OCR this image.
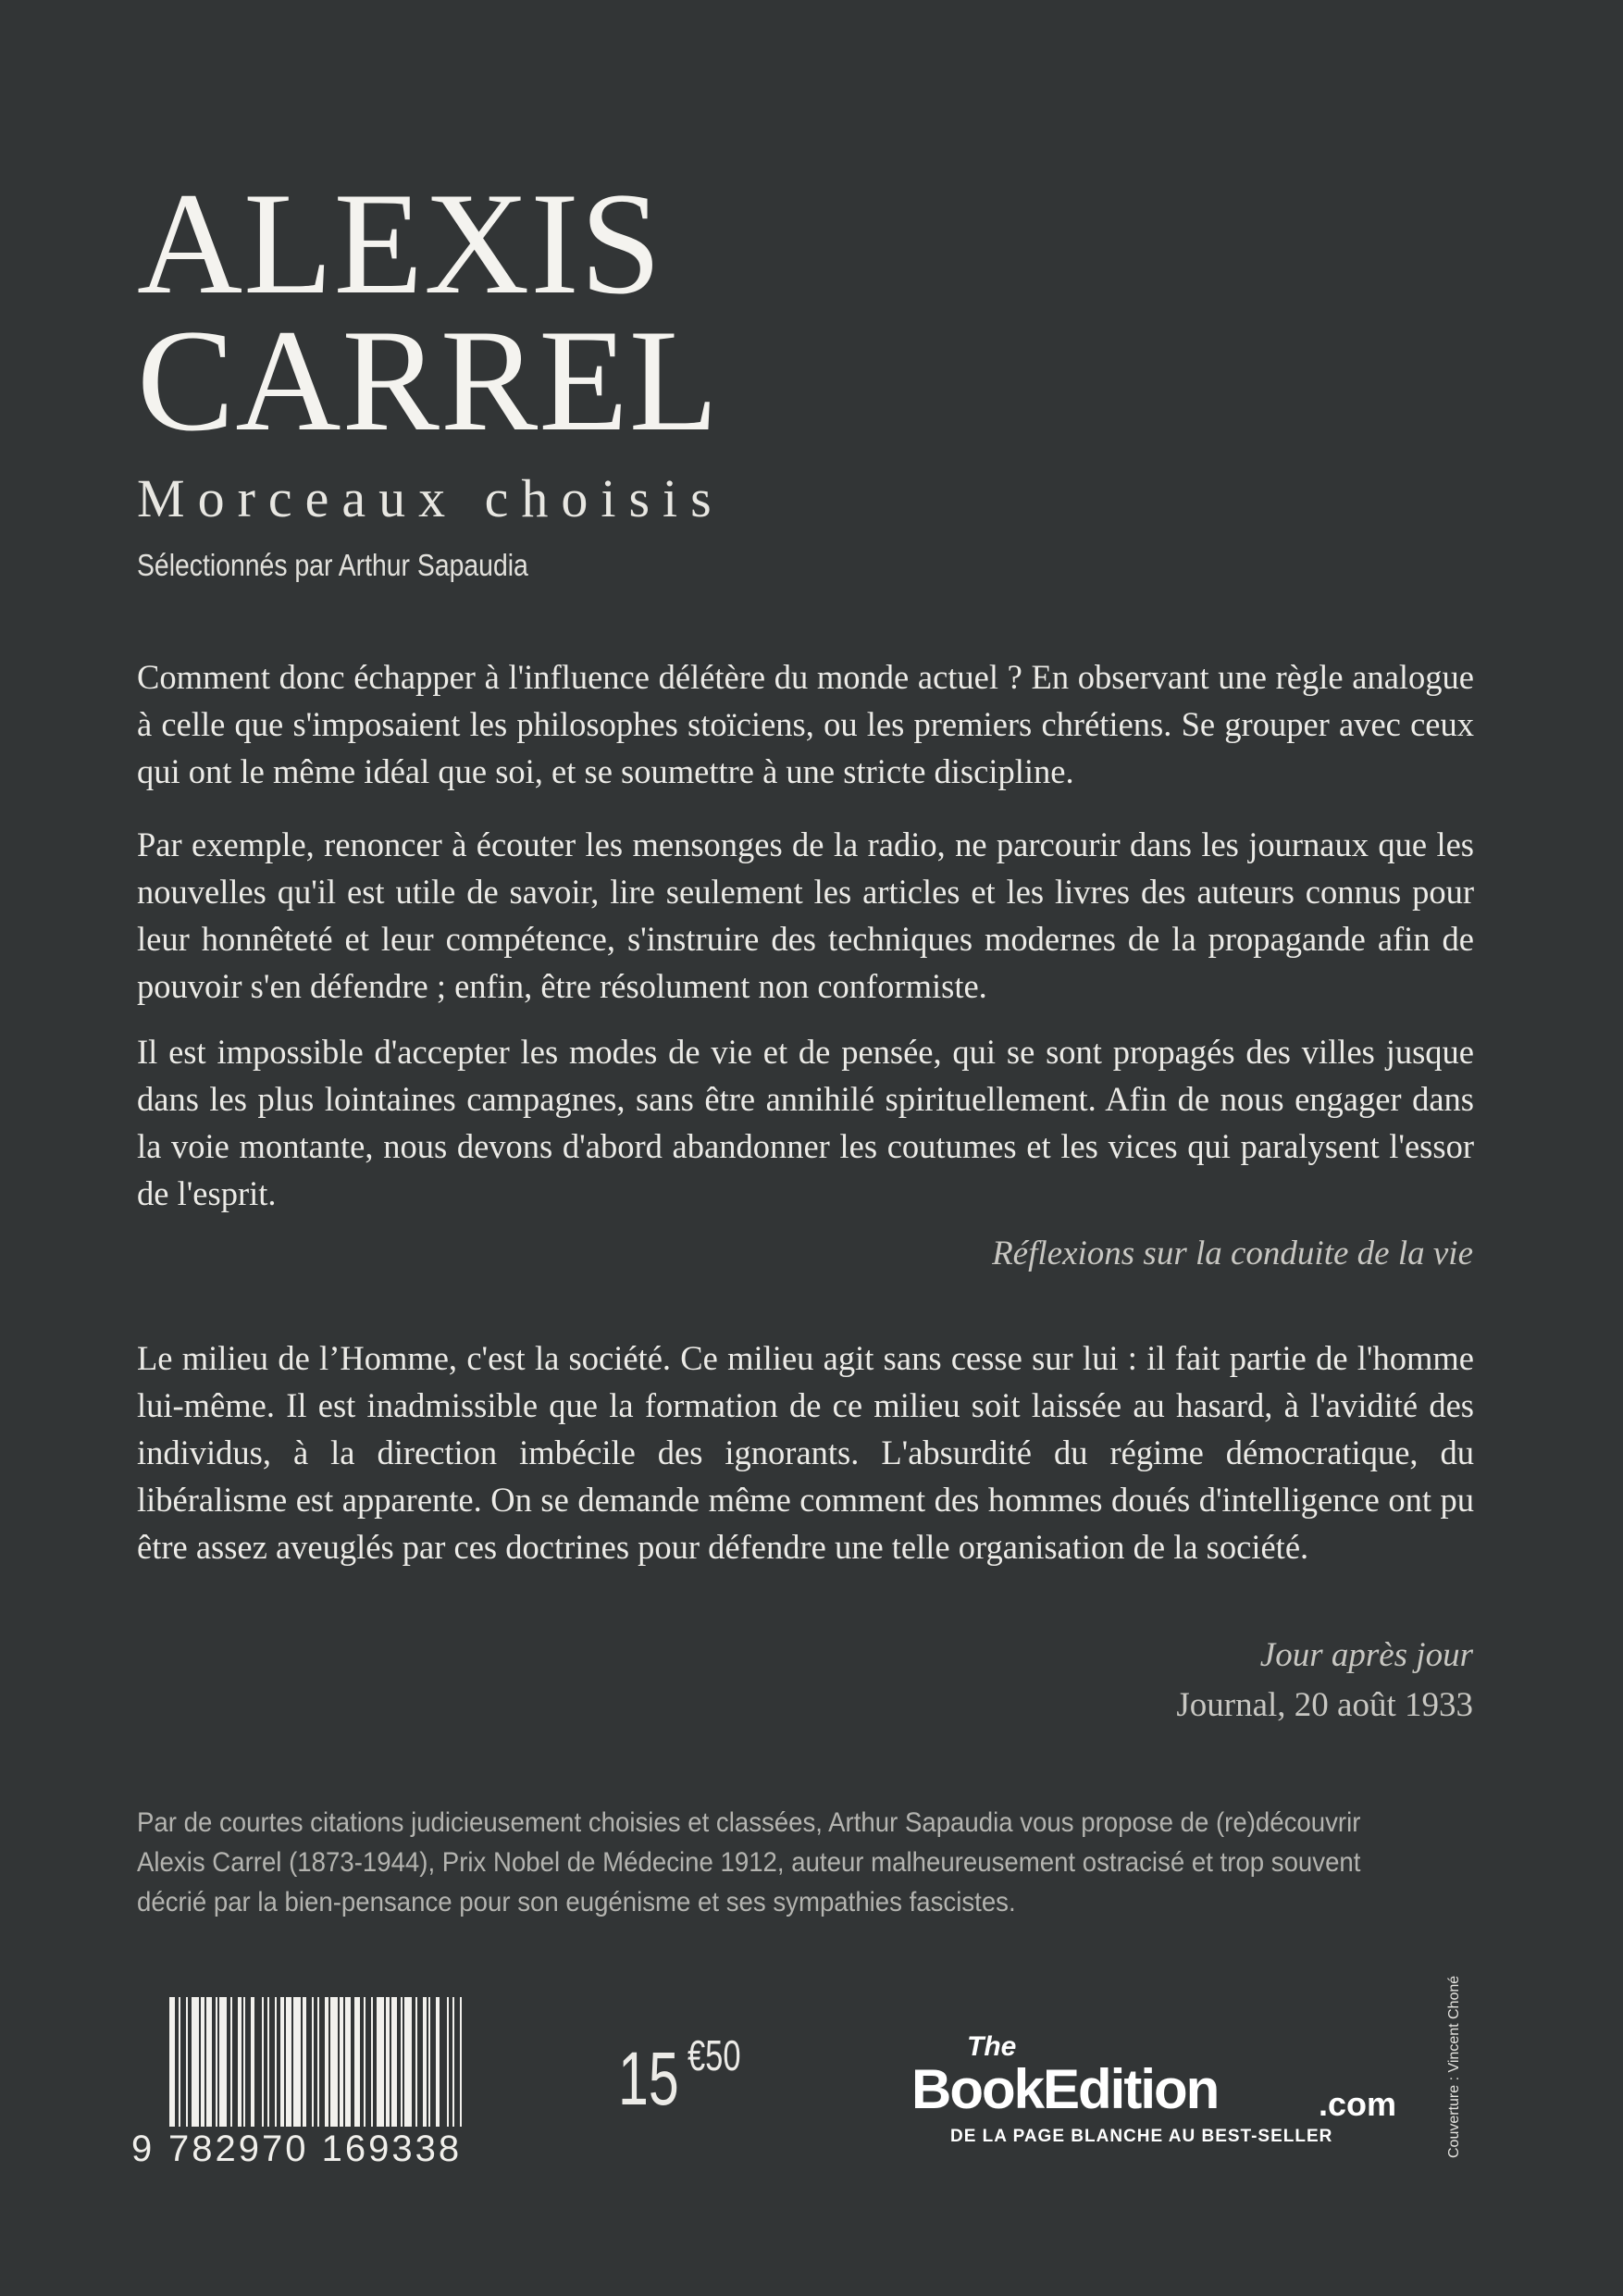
ALEXIS
CARREL
Morceaux choisis
Sélectionnés par Arthur Sapaudia

Comment donc échapper à l'influence délétère du monde actuel ? En observant une règle analogue à celle que s'imposaient les philosophes stoïciens, ou les premiers chrétiens. Se grouper avec ceux qui ont le même idéal que soi, et se soumettre à une stricte discipline.

Par exemple, renoncer à écouter les mensonges de la radio, ne parcourir dans les journaux que les nouvelles qu'il est utile de savoir, lire seulement les articles et les livres des auteurs connus pour leur honnêteté et leur compétence, s'instruire des techniques modernes de la propagande afin de pouvoir s'en défendre ; enfin, être résolument non conformiste.

Il est impossible d'accepter les modes de vie et de pensée, qui se sont propagés des villes jusque dans les plus lointaines campagnes, sans être annihilé spirituellement. Afin de nous engager dans la voie montante, nous devons d'abord abandonner les coutumes et les vices qui paralysent l'essor de l'esprit.

Réflexions sur la conduite de la vie

Le milieu de l’Homme, c'est la société. Ce milieu agit sans cesse sur lui : il fait partie de l'homme lui-même. Il est inadmissible que la formation de ce milieu soit laissée au hasard, à l'avidité des individus, à la direction imbécile des ignorants. L'absurdité du régime démocratique, du libéralisme est apparente. On se demande même comment des hommes doués d'intelligence ont pu être assez aveuglés par ces doctrines pour défendre une telle organisation de la société.

Jour après jour
Journal, 20 août 1933

Par de courtes citations judicieusement choisies et classées, Arthur Sapaudia vous propose de (re)découvrir Alexis Carrel (1873-1944), Prix Nobel de Médecine 1912, auteur malheureusement ostracisé et trop souvent décrié par la bien-pensance pour son eugénisme et ses sympathies fascistes.

9 782970 169338
15 €50	The
BookEdition	.com
DE LA PAGE BLANCHE AU BEST-SELLER	Couverture : Vincent Choné
